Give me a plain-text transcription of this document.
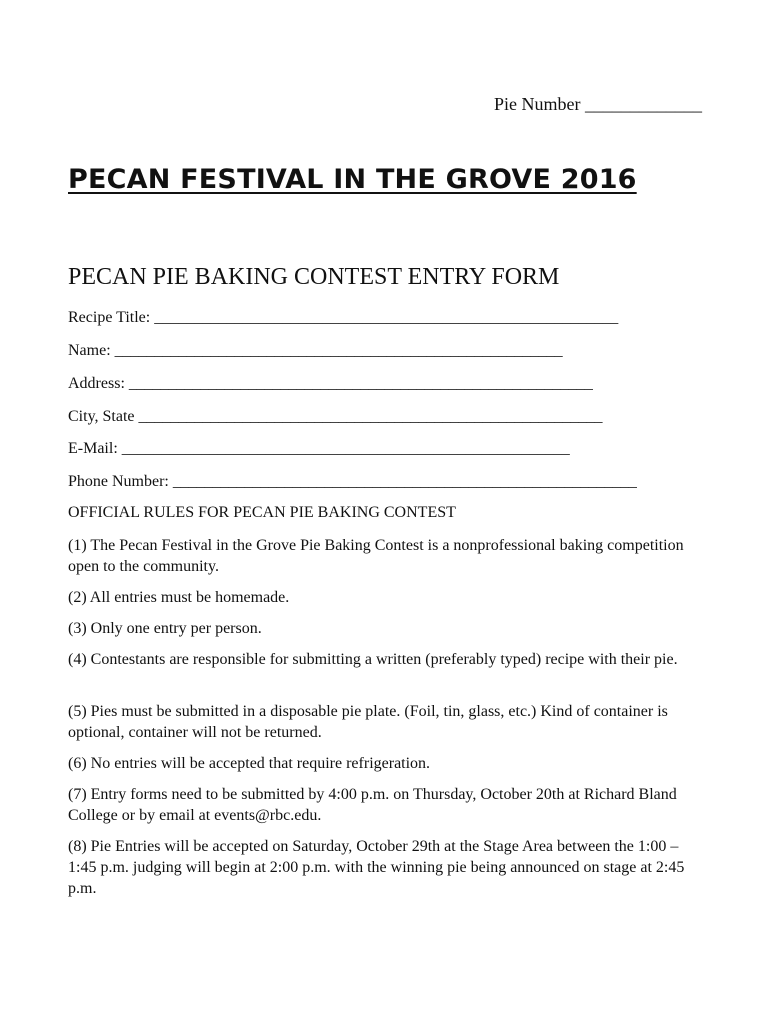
Pie Number _____________
PECAN FESTIVAL IN THE GROVE 2016
PECAN PIE BAKING CONTEST ENTRY FORM
Recipe Title: __________________________________________________________
Name: ________________________________________________________
Address: __________________________________________________________
City, State __________________________________________________________
E-Mail: ________________________________________________________
Phone Number: __________________________________________________________
OFFICIAL RULES FOR PECAN PIE BAKING CONTEST
(1) The Pecan Festival in the Grove Pie Baking Contest is a nonprofessional baking competition open to the community.
(2) All entries must be homemade.
(3) Only one entry per person.
(4) Contestants are responsible for submitting a written (preferably typed) recipe with their pie.
(5) Pies must be submitted in a disposable pie plate. (Foil, tin, glass, etc.) Kind of container is optional, container will not be returned.
(6) No entries will be accepted that require refrigeration.
(7) Entry forms need to be submitted by 4:00 p.m. on Thursday, October 20th at Richard Bland College or by email at events@rbc.edu.
(8) Pie Entries will be accepted on Saturday, October 29th at the Stage Area between the 1:00 – 1:45 p.m. judging will begin at 2:00 p.m. with the winning pie being announced on stage at 2:45 p.m.
